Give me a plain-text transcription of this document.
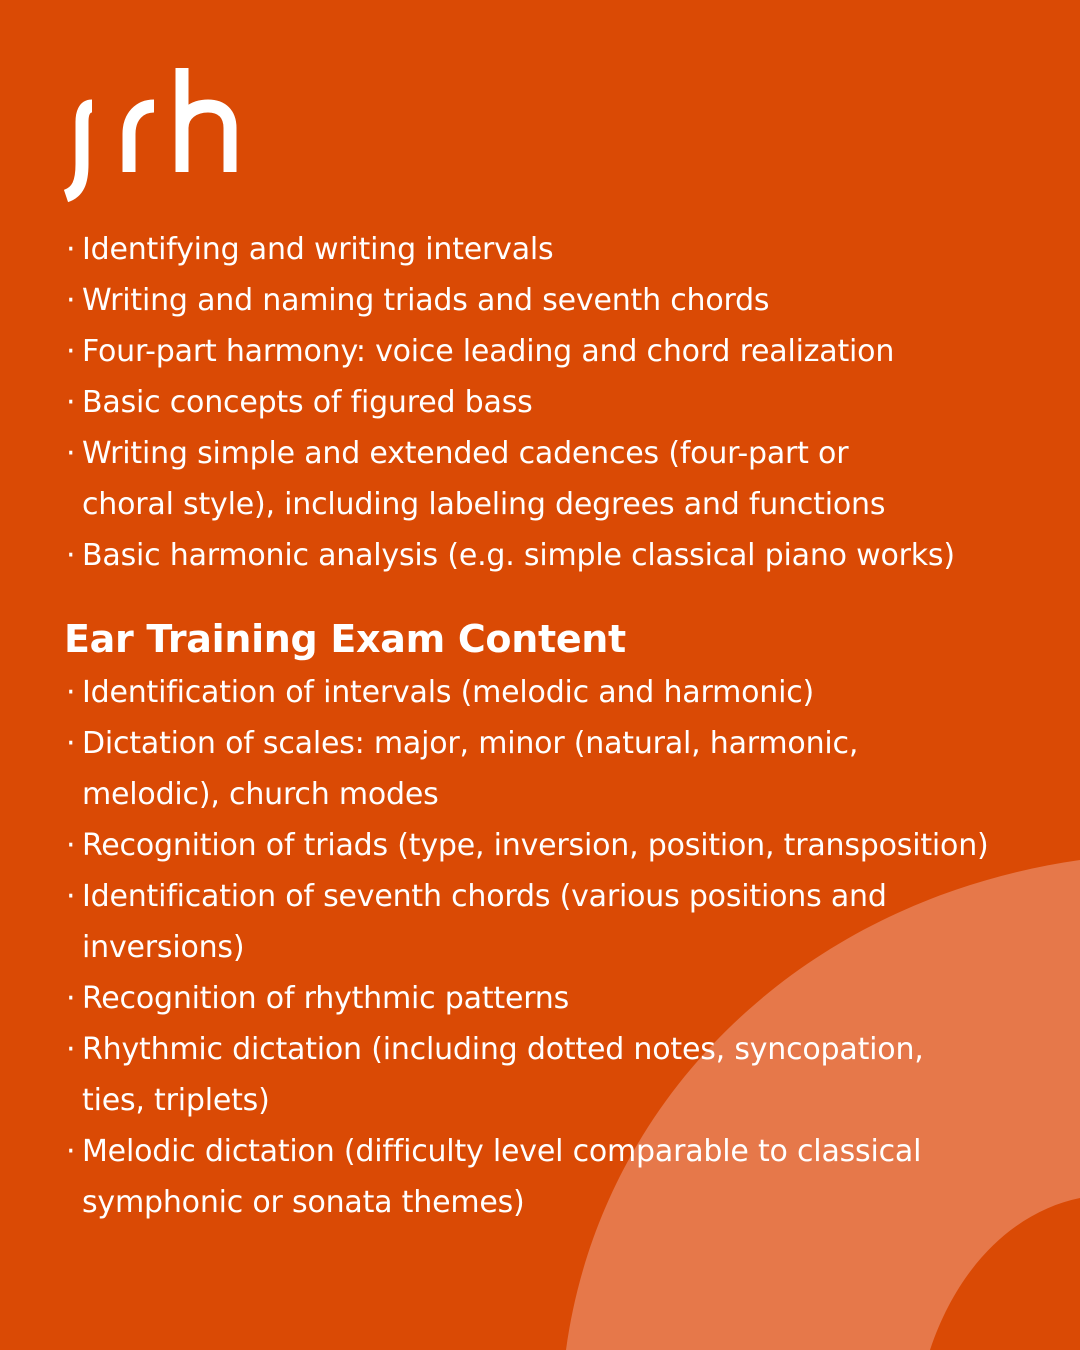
· Identifying and writing intervals
· Writing and naming triads and seventh chords
· Four-part harmony: voice leading and chord realization
· Basic concepts of figured bass
· Writing simple and extended cadences (four-part or
choral style), including labeling degrees and functions
· Basic harmonic analysis (e.g. simple classical piano works)
Ear Training Exam Content
· Identification of intervals (melodic and harmonic)
· Dictation of scales: major, minor (natural, harmonic,
melodic), church modes
· Recognition of triads (type, inversion, position, transposition)
· Identification of seventh chords (various positions and
inversions)
· Recognition of rhythmic patterns
· Rhythmic dictation (including dotted notes, syncopation,
ties, triplets)
· Melodic dictation (difficulty level comparable to classical
symphonic or sonata themes)
